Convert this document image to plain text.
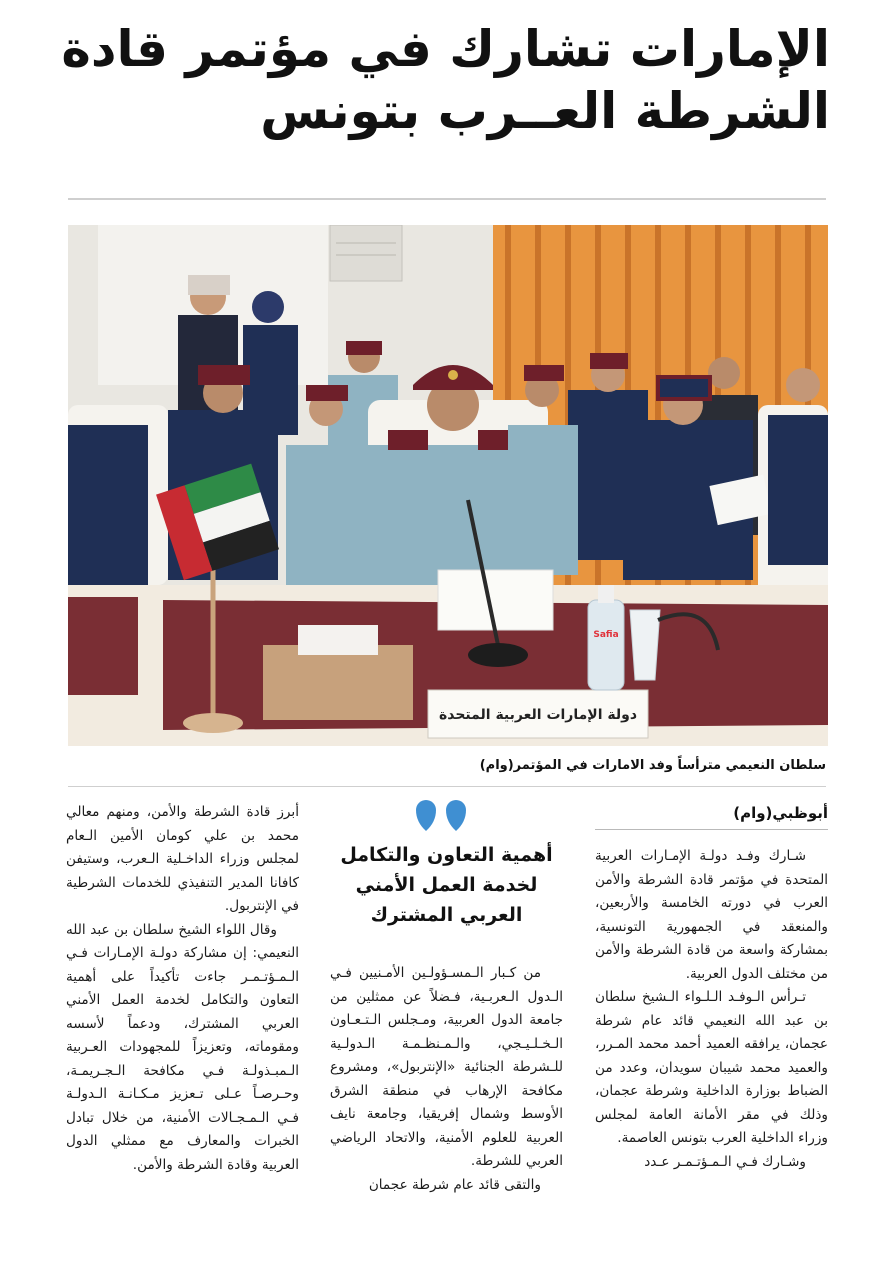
الإمارات تشارك في مؤتمر قادة
الشرطة العــرب بتونس
دولة الإمارات العربية المتحدة
Safia
سلطان النعيمي مترأساً وفد الامارات في المؤتمر(وام)
أبوظبي(وام)

شـارك وفـد دولـة الإمـارات العربية المتحدة في مؤتمر قادة الشرطة والأمن العرب في دورته الخامسة والأربعين، والمنعقد في الجمهورية التونسية، بمشاركة واسعة من قادة الشرطة والأمن من مختلف الدول العربية.

تـرأس الـوفـد الـلـواء الـشيخ سلطان بن عبد الله النعيمي قائد عام شرطة عجمان، يرافقه العميد أحمد محمد المـرر، والعميد محمد شيبان سويدان، وعدد من الضباط بوزارة الداخلية وشرطة عجمان، وذلك في مقر الأمانة العامة لمجلس وزراء الداخلية العرب بتونس العاصمة.

وشـارك فـي الـمـؤتـمـر عـدد

أهمية التعاون والتكامل لخدمة العمل الأمني العربي المشترك

من كـبار الـمسـؤولـين الأمـنيين فـي الـدول الـعربـية، فـضلاً عن ممثلين من جامعة الدول العربية، ومـجلس الـتـعـاون الـخـلـيـجي، والـمـنظـمـة الـدولـية للـشرطة الجنائية «الإنتربول»، ومشروع مكافحة الإرهاب في منطقة الشرق الأوسط وشمال إفريقيا، وجامعة نايف العربية للعلوم الأمنية، والاتحاد الرياضي العربي للشرطة.

والتقى قائد عام شرطة عجمان

أبرز قادة الشرطة والأمن، ومنهم معالي محمد بن علي كومان الأمين الـعام لمجلس وزراء الداخـلية الـعرب، وستيفن كافانا المدير التنفيذي للخدمات الشرطية في الإنتربول.

وقال اللواء الشيخ سلطان بن عبد الله النعيمي: إن مشاركة دولـة الإمـارات فـي الـمـؤتـمـر جاءت تأكيداً على أهمية التعاون والتكامل لخدمة العمل الأمني العربي المشترك، ودعماً لأسسه ومقوماته، وتعزيزاً للمجهودات العـربية الـمبـذولـة فـي مكافحة الـجـريمـة، وحـرصـاً عـلى تـعزيز مـكـانـة الـدولـة فـي الـمـجـالات الأمنية، من خلال تبادل الخبرات والمعارف مع ممثلي الدول العربية وقادة الشرطة والأمن.
